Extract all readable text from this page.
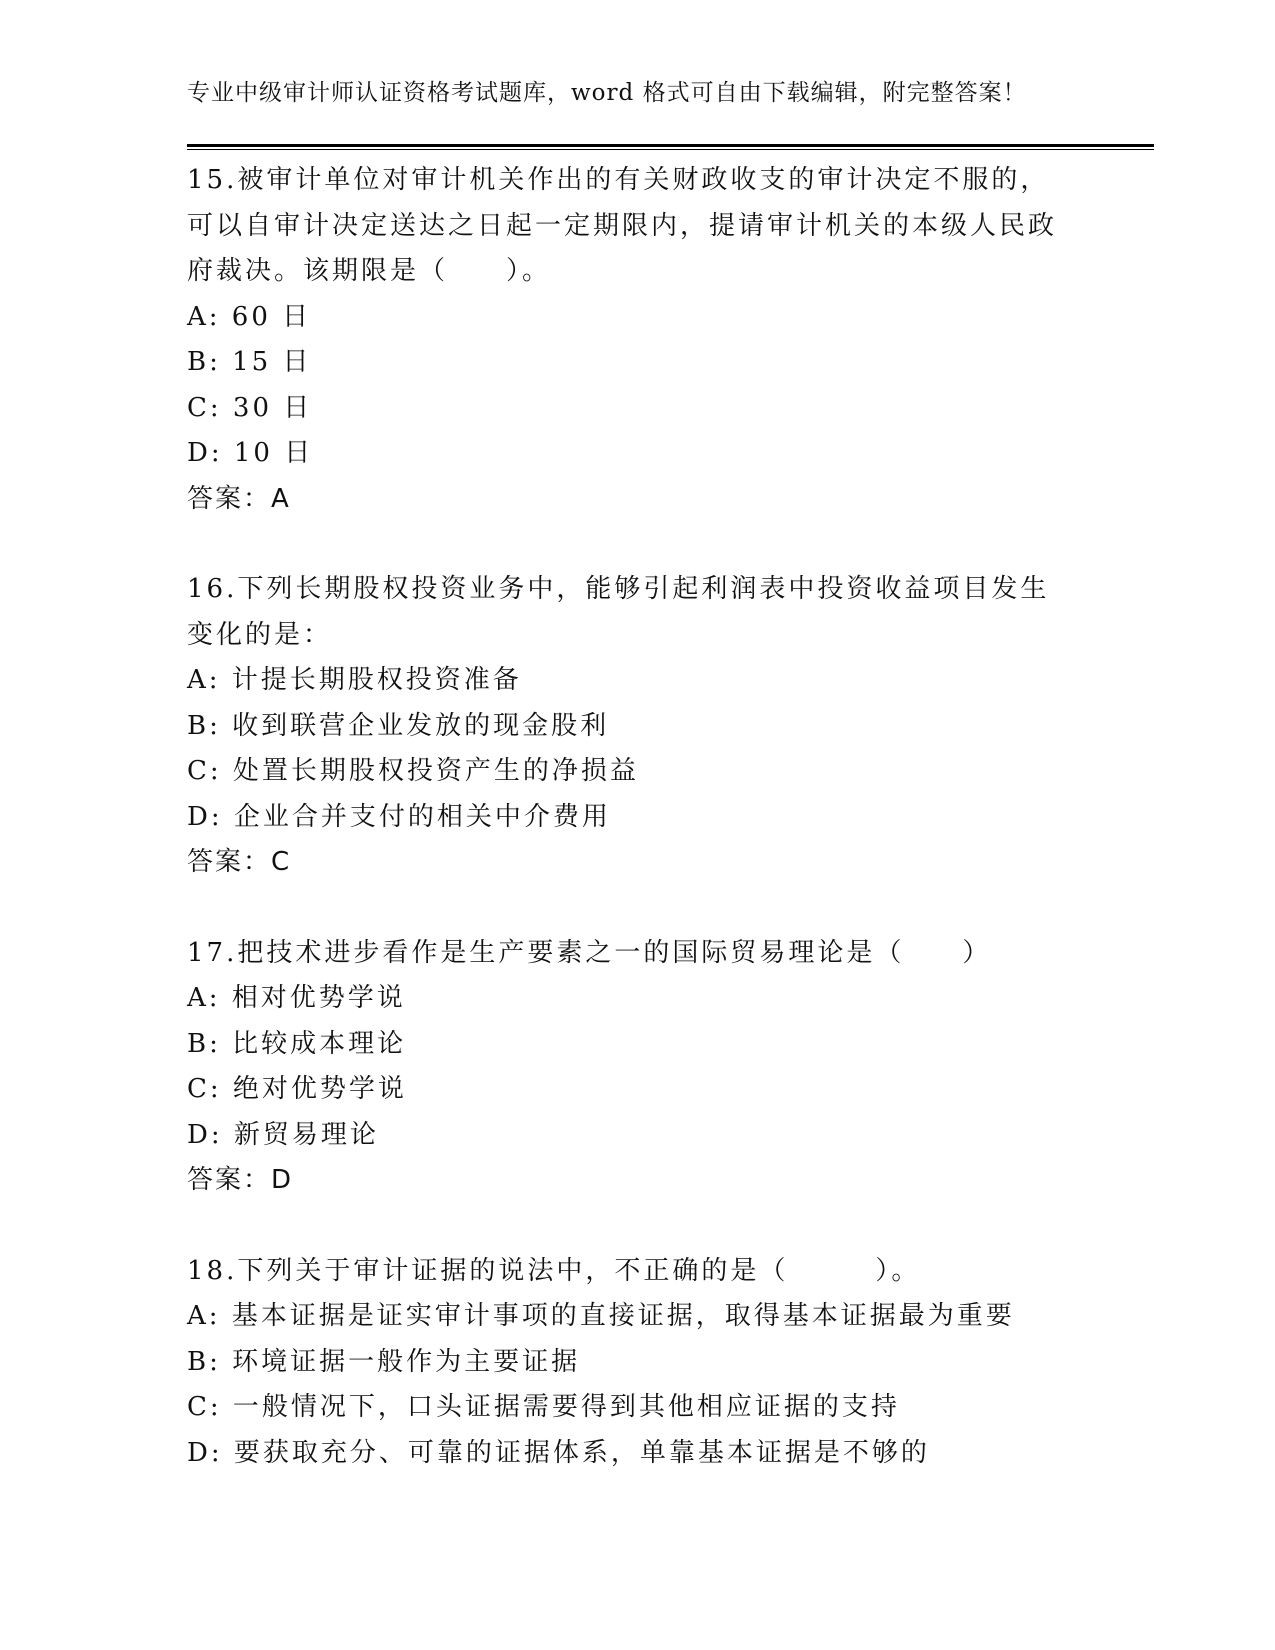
专业中级审计师认证资格考试题库，word 格式可自由下载编辑，附完整答案！
15.被审计单位对审计机关作出的有关财政收支的审计决定不服的，可以自审计决定送达之日起一定期限内，提请审计机关的本级人民政府裁决。该期限是（　　）。
A: 60 日
B: 15 日
C: 30 日
D: 10 日
答案：A
16.下列长期股权投资业务中，能够引起利润表中投资收益项目发生变化的是：
A: 计提长期股权投资准备
B: 收到联营企业发放的现金股利
C: 处置长期股权投资产生的净损益
D: 企业合并支付的相关中介费用
答案：C
17.把技术进步看作是生产要素之一的国际贸易理论是（　　）
A: 相对优势学说
B: 比较成本理论
C: 绝对优势学说
D: 新贸易理论
答案：D
18.下列关于审计证据的说法中，不正确的是（　　　）。
A: 基本证据是证实审计事项的直接证据，取得基本证据最为重要
B: 环境证据一般作为主要证据
C: 一般情况下，口头证据需要得到其他相应证据的支持
D: 要获取充分、可靠的证据体系，单靠基本证据是不够的
